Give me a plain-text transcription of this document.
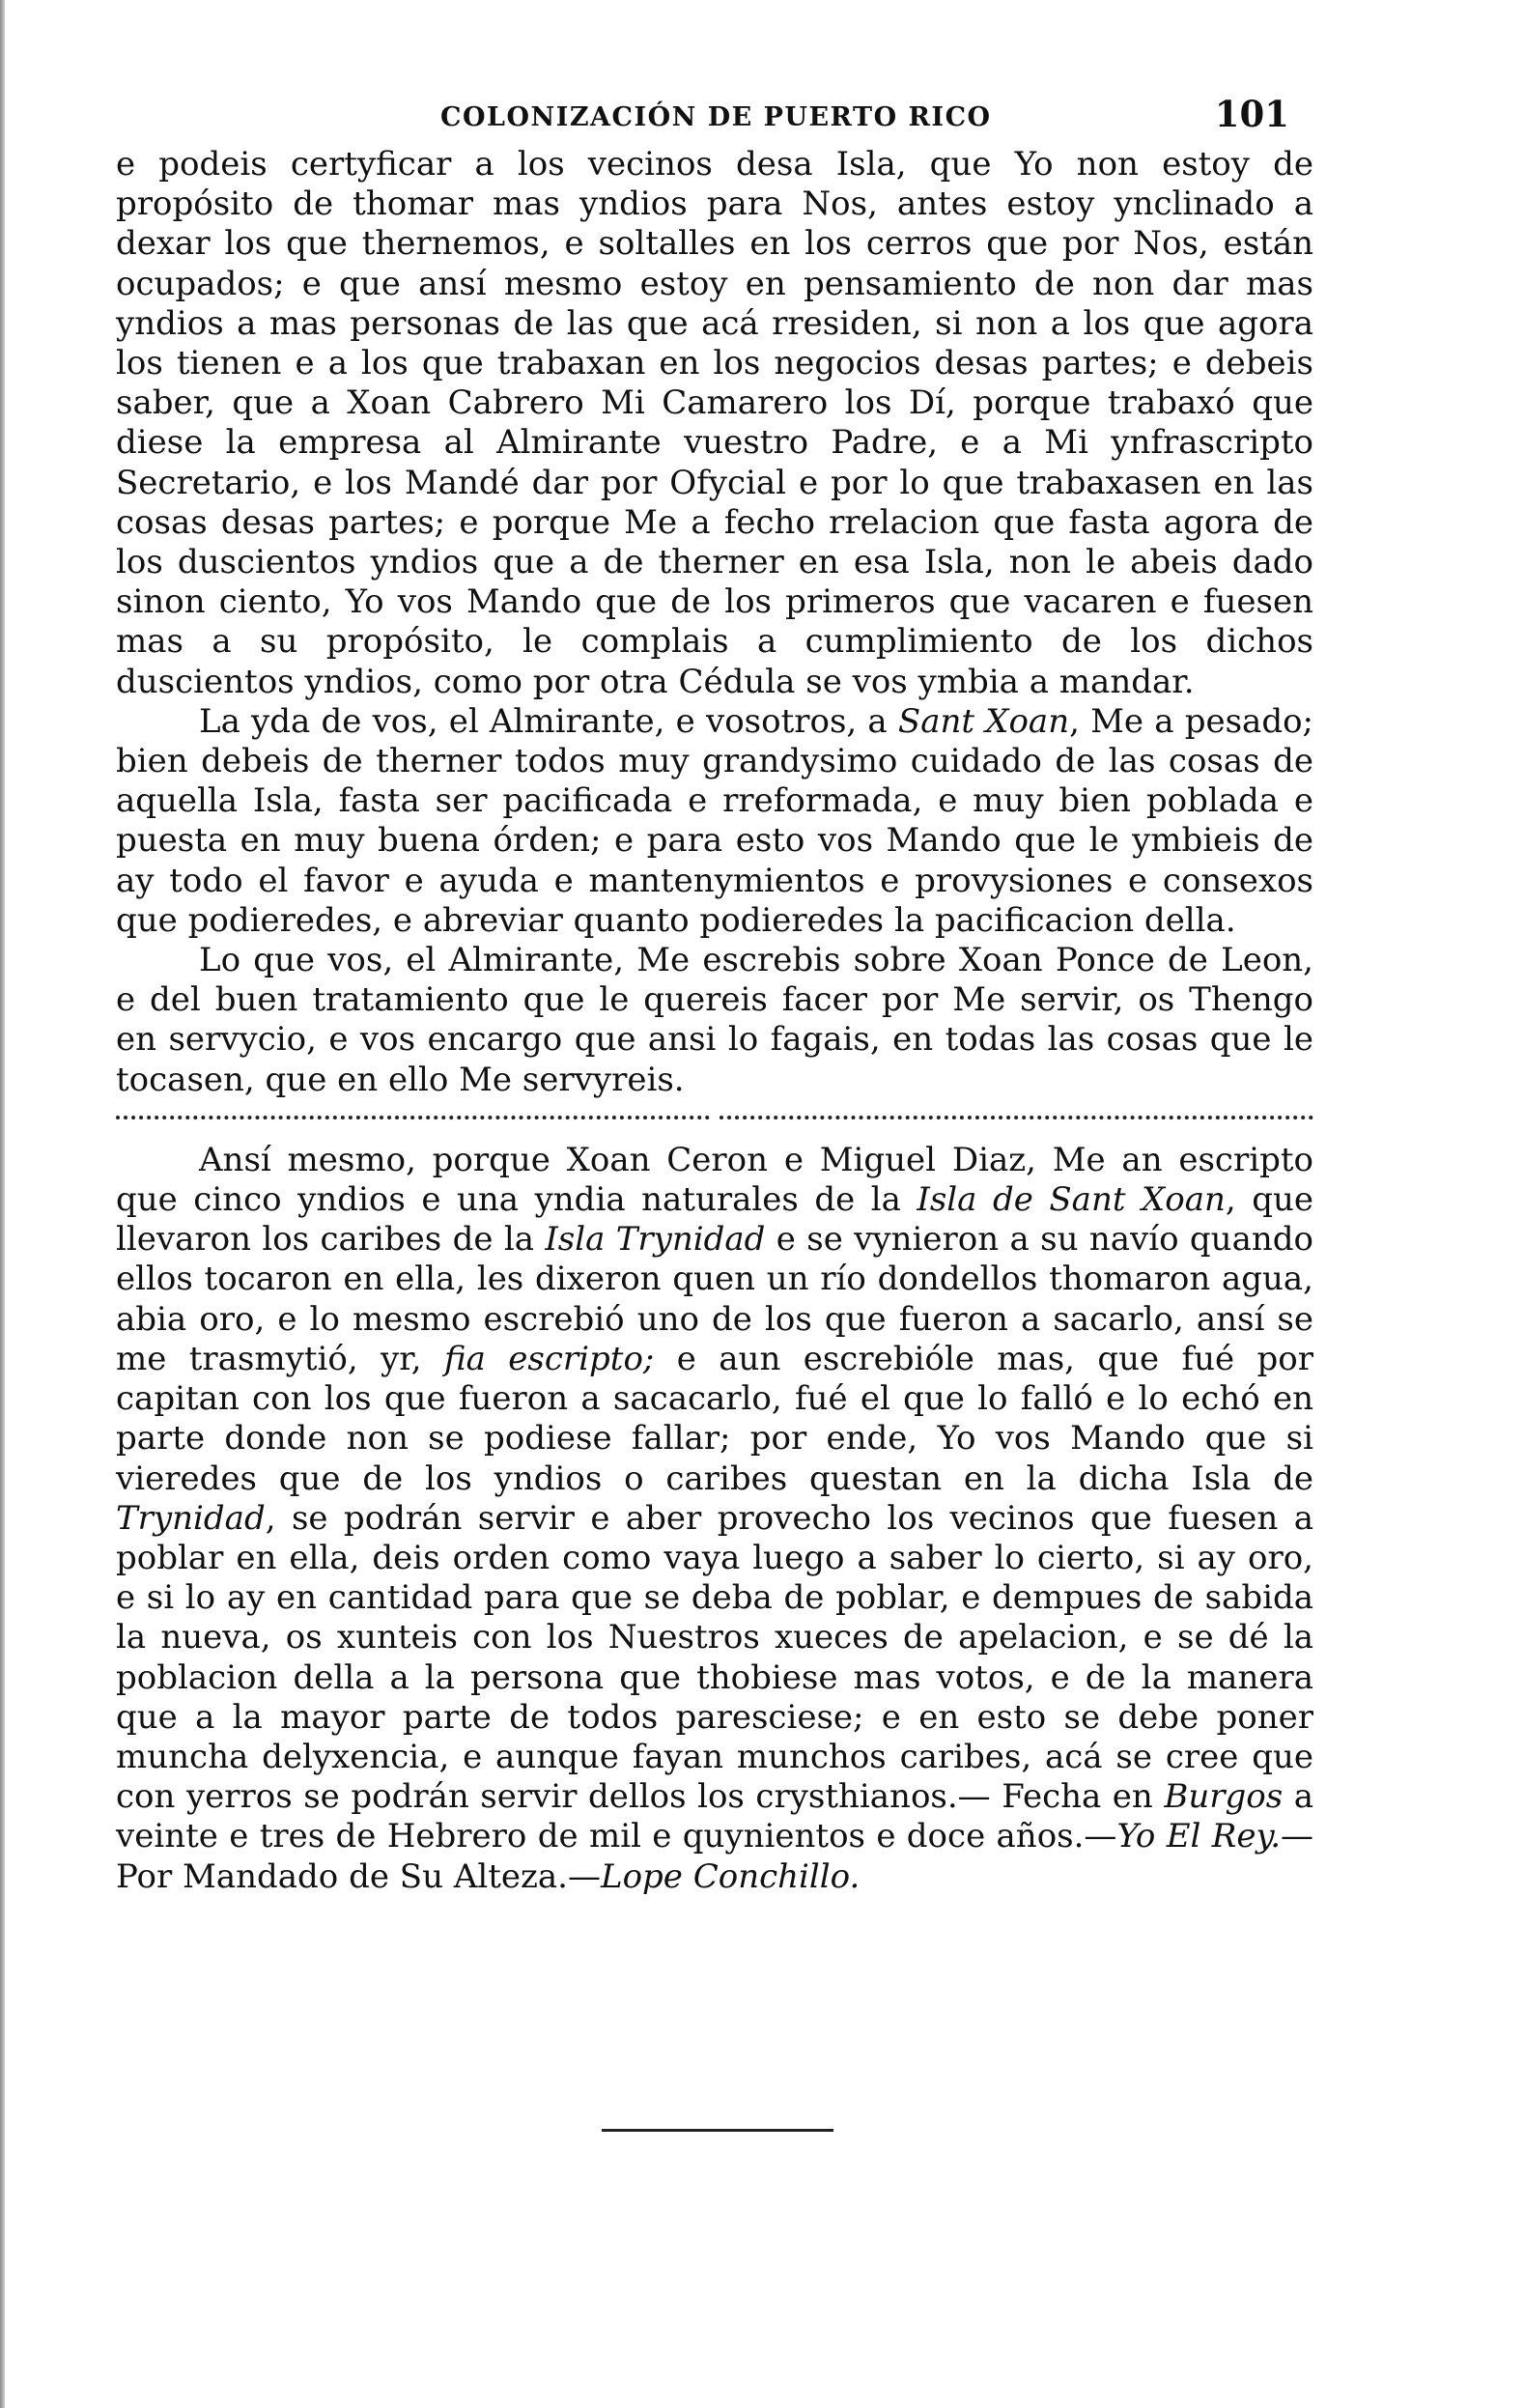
COLONIZACIÓN DE PUERTO RICO	101

e podeis certyficar a los vecinos desa Isla, que Yo non estoy de propósito de thomar mas yndios para Nos, antes estoy ynclinado a dexar los que thernemos, e soltalles en los cerros que por Nos, están ocupados; e que ansí mesmo estoy en pensamiento de non dar mas yndios a mas personas de las que acá rresiden, si non a los que agora los tienen e a los que trabaxan en los negocios desas partes; e debeis saber, que a Xoan Cabrero Mi Camarero los Dí, porque trabaxó que diese la empresa al Almirante vuestro Padre, e a Mi ynfrascripto Secretario, e los Mandé dar por Ofycial e por lo que trabaxasen en las cosas desas partes; e porque Me a fecho rrelacion que fasta agora de los duscientos yndios que a de therner en esa Isla, non le abeis dado sinon ciento, Yo vos Mando que de los primeros que vacaren e fuesen mas a su propósito, le complais a cumplimiento de los dichos duscientos yndios, como por otra Cédula se vos ymbia a mandar.

La yda de vos, el Almirante, e vosotros, a Sant Xoan, Me a pesado; bien debeis de therner todos muy grandysimo cuidado de las cosas de aquella Isla, fasta ser pacificada e rreformada, e muy bien poblada e puesta en muy buena órden; e para esto vos Mando que le ymbieis de ay todo el favor e ayuda e mantenymientos e provysiones e consexos que podieredes, e abreviar quanto podieredes la pacificacion della.

Lo que vos, el Almirante, Me escrebis sobre Xoan Ponce de Leon, e del buen tratamiento que le quereis facer por Me servir, os Thengo en servycio, e vos encargo que ansi lo fagais, en todas las cosas que le tocasen, que en ello Me servyreis.

Ansí mesmo, porque Xoan Ceron e Miguel Diaz, Me an escripto que cinco yndios e una yndia naturales de la Isla de Sant Xoan, que llevaron los caribes de la Isla Trynidad e se vynieron a su navío quando ellos tocaron en ella, les dixeron quen un río dondellos thomaron agua, abia oro, e lo mesmo escrebió uno de los que fueron a sacarlo, ansí se me trasmytió, yr, fia escripto; e aun escrebióle mas, que fué por capitan con los que fueron a sacacarlo, fué el que lo falló e lo echó en parte donde non se podiese fallar; por ende, Yo vos Mando que si vieredes que de los yndios o caribes questan en la dicha Isla de Trynidad, se podrán servir e aber provecho los vecinos que fuesen a poblar en ella, deis orden como vaya luego a saber lo cierto, si ay oro, e si lo ay en cantidad para que se deba de poblar, e dempues de sabida la nueva, os xunteis con los Nuestros xueces de apelacion, e se dé la poblacion della a la persona que thobiese mas votos, e de la manera que a la mayor parte de todos paresciese; e en esto se debe poner muncha delyxencia, e aunque fayan munchos caribes, acá se cree que con yerros se podrán servir dellos los crysthianos.— Fecha en Burgos a veinte e tres de Hebrero de mil e quynientos e doce años.—Yo El Rey.—Por Mandado de Su Alteza.—Lope Conchillo.
